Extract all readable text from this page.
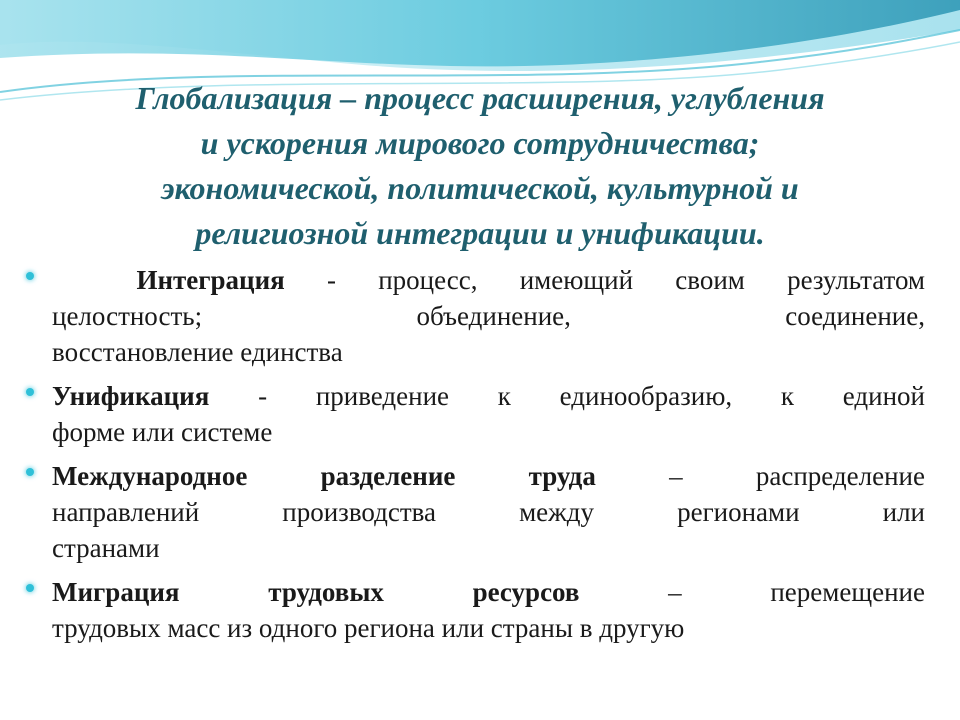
Глобализация – процесс расширения, углубления
и ускорения мирового сотрудничества;
экономической, политической, культурной и
религиозной интеграции и унификации.
Интеграция - процесс, имеющий своим результатом
целостность; объединение, соединение,
восстановление единства
Унификация - приведение к единообразию, к единой
форме или системе
Международное разделение труда – распределение
направлений производства между регионами или
странами
Миграция трудовых ресурсов – перемещение
трудовых масс из одного региона или страны в другую
